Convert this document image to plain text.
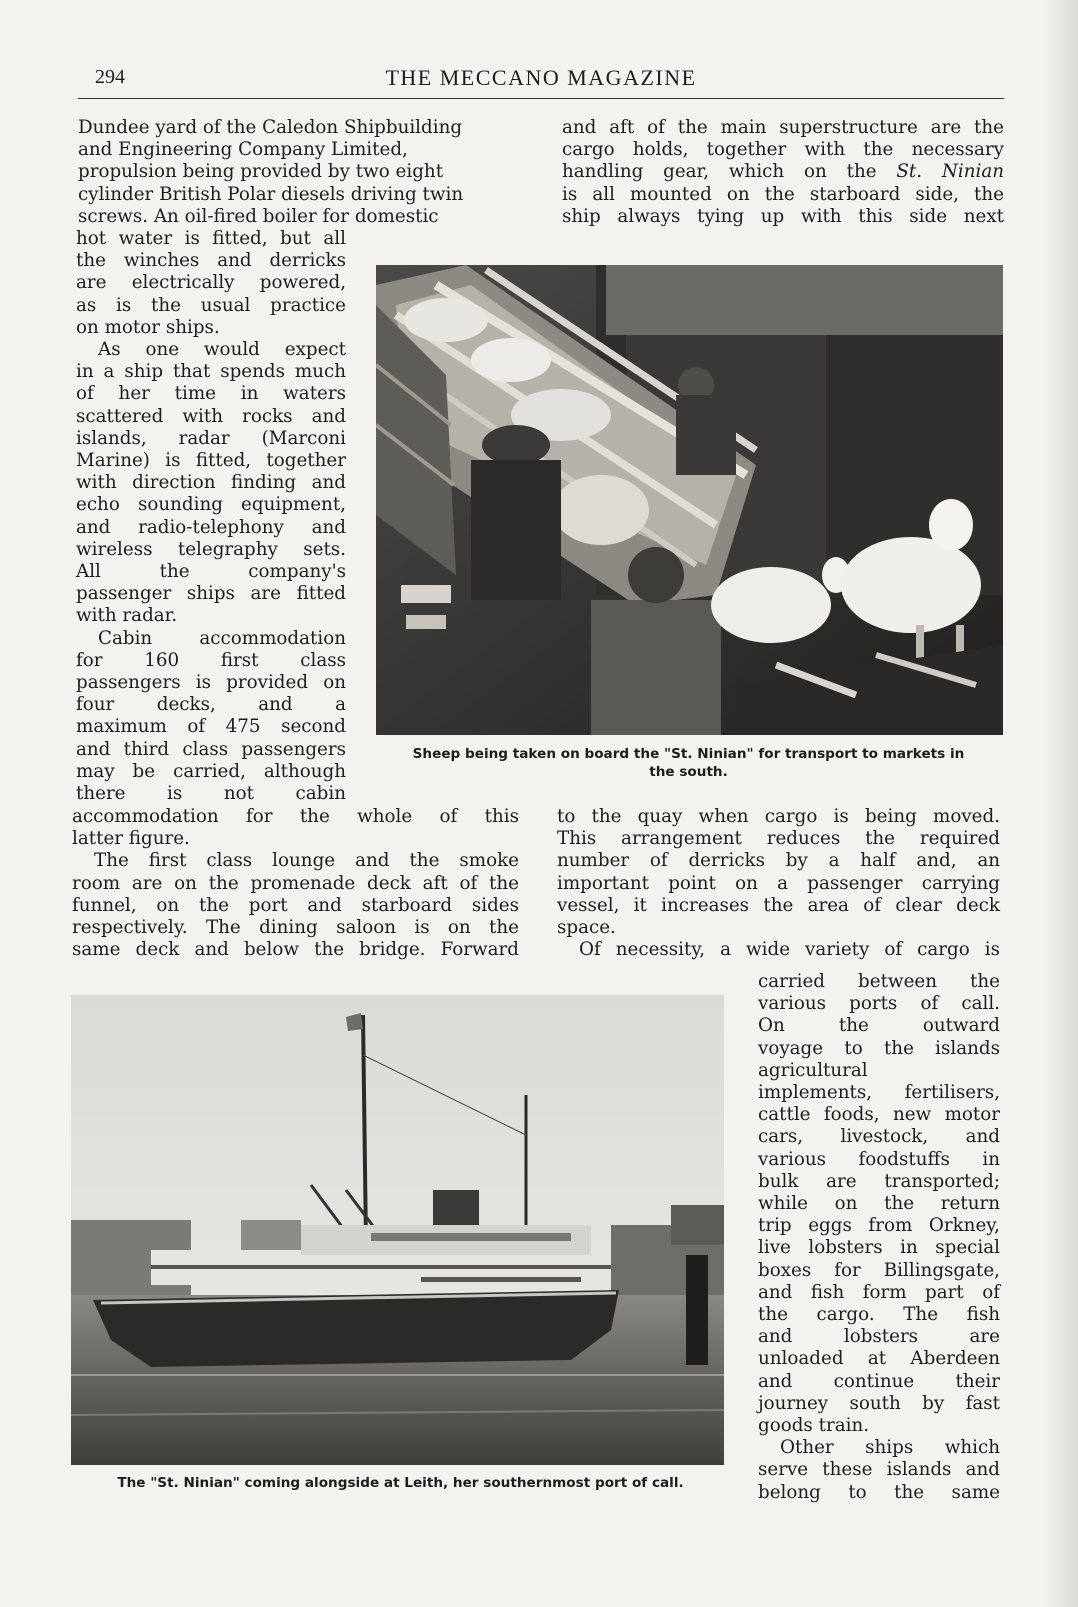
294	THE MECCANO MAGAZINE

Dundee yard of the Caledon Shipbuilding
and Engineering Company Limited,
propulsion being provided by two eight
cylinder British Polar diesels driving twin
screws. An oil-fired boiler for domestic

hot water is fitted, but all
the winches and derricks
are electrically powered,
as is the usual practice
on motor ships.
As one would expect
in a ship that spends much
of her time in waters
scattered with rocks and
islands, radar (Marconi
Marine) is fitted, together
with direction finding and
echo sounding equipment,
and radio-telephony and
wireless telegraphy sets.
All the company's
passenger ships are fitted
with radar.
Cabin accommodation
for 160 first class
passengers is provided on
four decks, and a
maximum of 475 second
and third class passengers
may be carried, although
there is not cabin

accommodation for the whole of this
latter figure.
The first class lounge and the smoke
room are on the promenade deck aft of the
funnel, on the port and starboard sides
respectively. The dining saloon is on the
same deck and below the bridge. Forward

and aft of the main superstructure are the
cargo holds, together with the necessary
handling gear, which on the St. Ninian
is all mounted on the starboard side, the
ship always tying up with this side next

Sheep being taken on board the "St. Ninian" for transport to markets in
the south.

to the quay when cargo is being moved.
This arrangement reduces the required
number of derricks by a half and, an
important point on a passenger carrying
vessel, it increases the area of clear deck
space.
Of necessity, a wide variety of cargo is

The "St. Ninian" coming alongside at Leith, her southernmost port of call.

carried between the
various ports of call.
On the outward
voyage to the islands
agricultural
implements, fertilisers,
cattle foods, new motor
cars, livestock, and
various foodstuffs in
bulk are transported;
while on the return
trip eggs from Orkney,
live lobsters in special
boxes for Billingsgate,
and fish form part of
the cargo. The fish
and lobsters are
unloaded at Aberdeen
and continue their
journey south by fast
goods train.
Other ships which
serve these islands and
belong to the same
